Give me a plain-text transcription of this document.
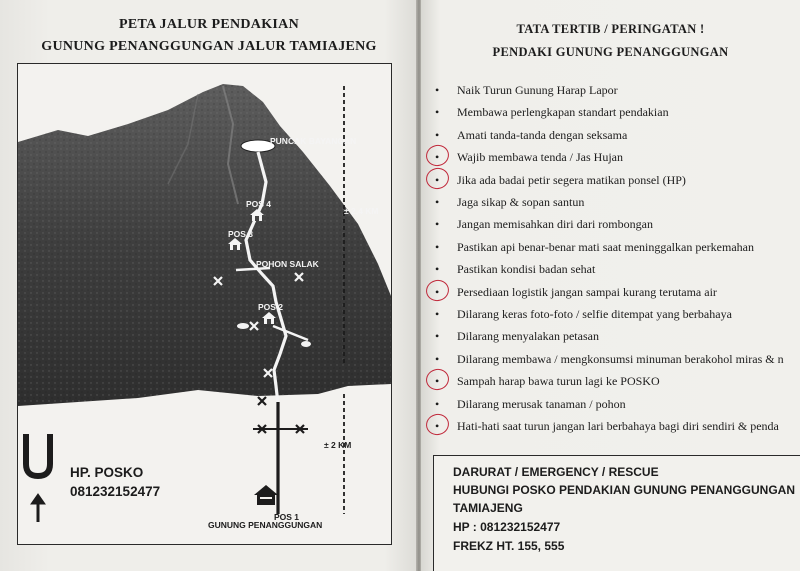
PETA JALUR PENDAKIAN
GUNUNG PENANGGUNGAN JALUR TAMIAJENG
PUNCAK BAYANGAN
POS 4
POS 3
POHON SALAK
POS 2
± 2,4 KM
± 2 KM
HP. POSKO
081232152477
POS 1
GUNUNG PENANGGUNGAN
TATA TERTIB / PERINGATAN !
PENDAKI GUNUNG PENANGGUNGAN
• Naik Turun Gunung Harap Lapor
• Membawa perlengkapan standart pendakian
• Amati tanda-tanda dengan seksama
• Wajib membawa tenda / Jas Hujan
• Jika ada badai petir segera matikan ponsel (HP)
• Jaga sikap & sopan santun
• Jangan memisahkan diri dari rombongan
• Pastikan api benar-benar mati saat meninggalkan perkemahan
• Pastikan kondisi badan sehat
• Persediaan logistik jangan sampai kurang terutama air
• Dilarang keras foto-foto / selfie ditempat yang berbahaya
• Dilarang menyalakan petasan
• Dilarang membawa / mengkonsumsi minuman berakohol miras & n
• Sampah harap bawa turun lagi ke POSKO
• Dilarang merusak tanaman / pohon
• Hati-hati saat turun jangan lari berbahaya bagi diri sendiri & penda
DARURAT / EMERGENCY / RESCUE
HUBUNGI POSKO PENDAKIAN GUNUNG PENANGGUNGAN
TAMIAJENG
HP : 081232152477
FREKZ HT. 155, 555
